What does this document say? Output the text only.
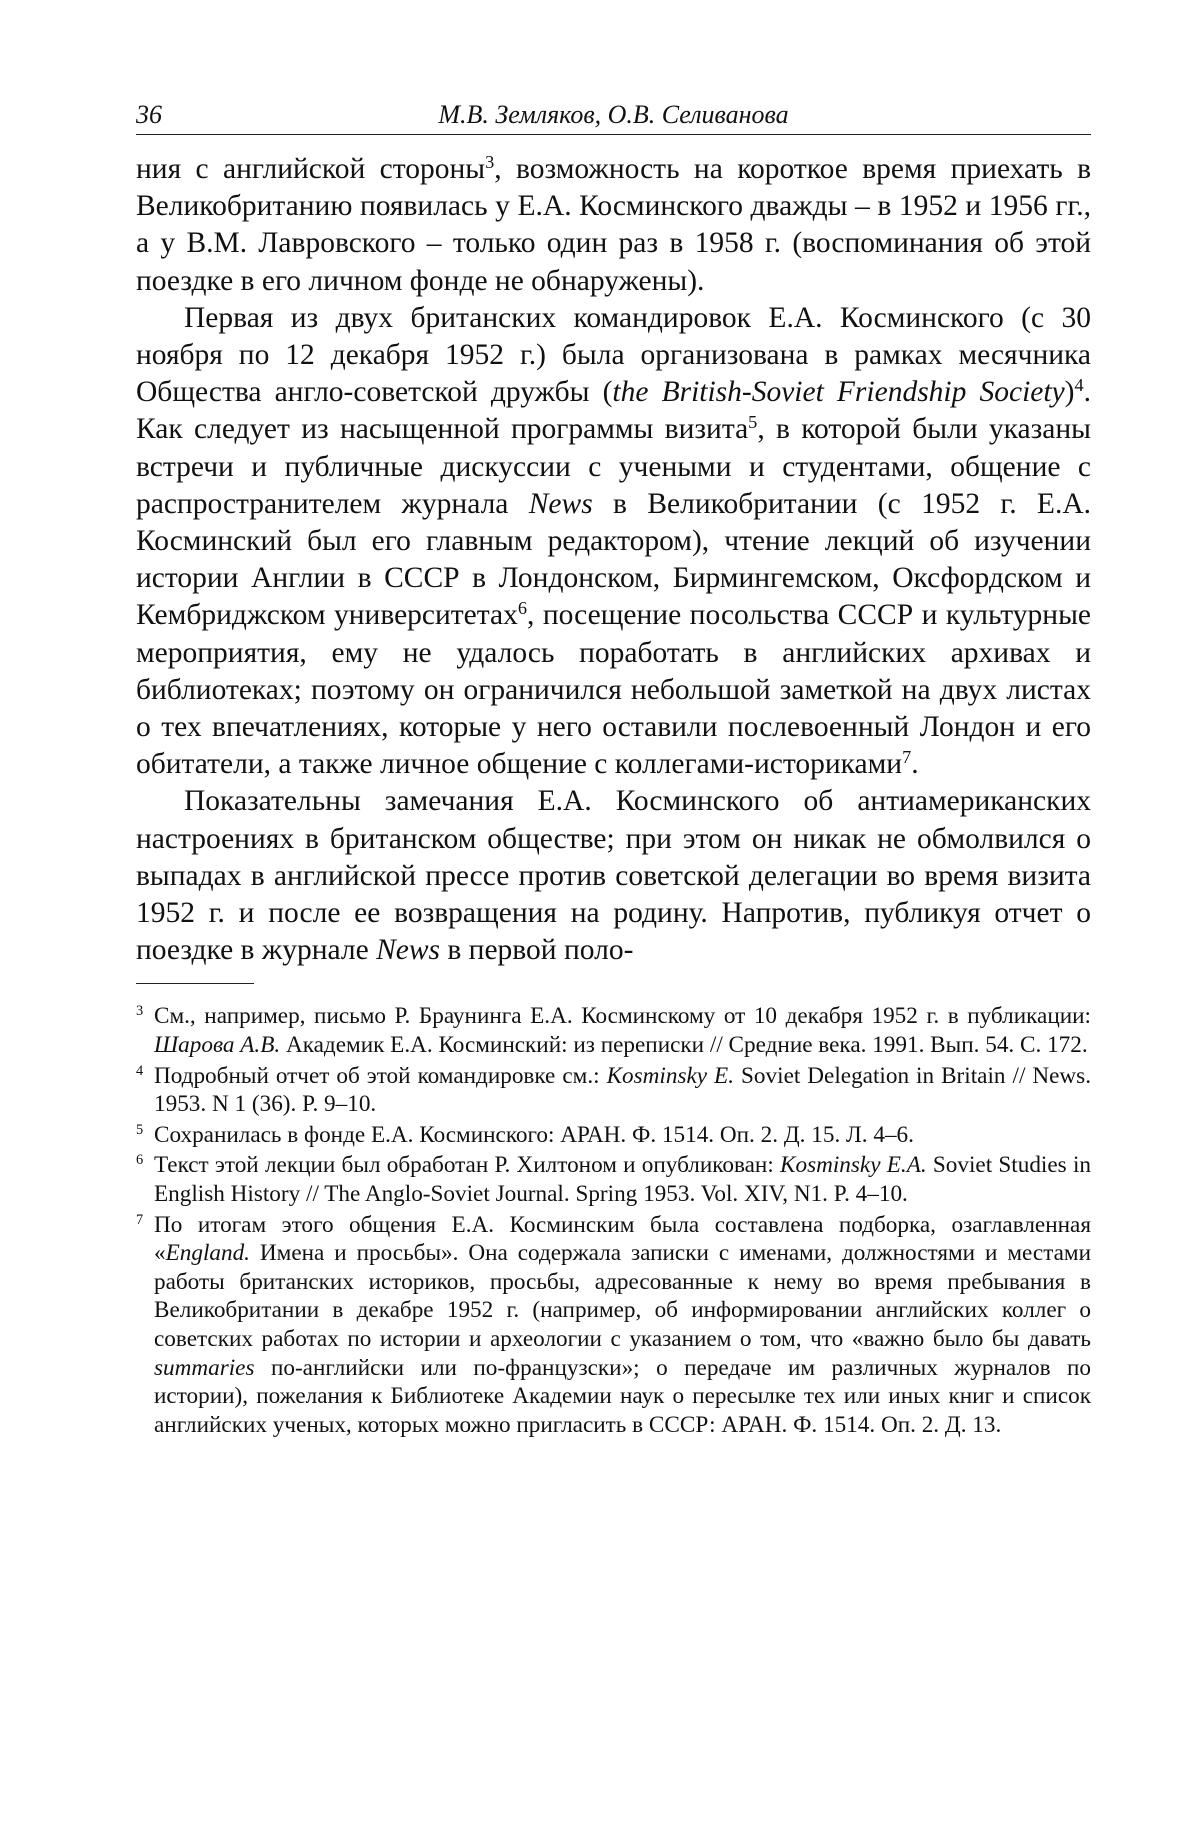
36	М.В. Земляков, О.В. Селиванова

ния с английской стороны$^3$, возможность на короткое время приехать в Великобританию появилась у Е.А. Косминского дважды – в 1952 и 1956 гг., а у В.М. Лавровского – только один раз в 1958 г. (воспоминания об этой поездке в его личном фонде не обнаружены).

Первая из двух британских командировок Е.А. Косминского (с 30 ноября по 12 декабря 1952 г.) была организована в рамках месячника Общества англо-советской дружбы (the British-Soviet Friendship Society)$^4$. Как следует из насыщенной программы визита$^5$, в которой были указаны встречи и публичные дискуссии с учеными и студентами, общение с распространителем журнала News в Великобритании (с 1952 г. Е.А. Косминский был его главным редактором), чтение лекций об изучении истории Англии в СССР в Лондонском, Бирмингемском, Оксфордском и Кембриджском университетах$^6$, посещение посольства СССР и культурные мероприятия, ему не удалось поработать в английских архивах и библиотеках; поэтому он ограничился небольшой заметкой на двух листах о тех впечатлениях, которые у него оставили послевоенный Лондон и его обитатели, а также личное общение с коллегами-историками$^7$.

Показательны замечания Е.А. Косминского об антиамериканских настроениях в британском обществе; при этом он никак не обмолвился о выпадах в английской прессе против советской делегации во время визита 1952 г. и после ее возвращения на родину. Напротив, публикуя отчет о поездке в журнале News в первой поло-

3 См., например, письмо Р. Браунинга Е.А. Косминскому от 10 декабря 1952 г. в публикации: Шарова А.В. Академик Е.А. Косминский: из переписки // Средние века. 1991. Вып. 54. С. 172.
4 Подробный отчет об этой командировке см.: Kosminsky E. Soviet Delegation in Britain // News. 1953. N 1 (36). P. 9–10.
5 Сохранилась в фонде Е.А. Косминского: АРАН. Ф. 1514. Оп. 2. Д. 15. Л. 4–6.
6 Текст этой лекции был обработан Р. Хилтоном и опубликован: Kosminsky E.A. Soviet Studies in English History // The Anglo-Soviet Journal. Spring 1953. Vol. XIV, N1. P. 4–10.
7 По итогам этого общения Е.А. Косминским была составлена подборка, озаглавленная «England. Имена и просьбы». Она содержала записки с именами, должностями и местами работы британских историков, просьбы, адресованные к нему во время пребывания в Великобритании в декабре 1952 г. (например, об информировании английских коллег о советских работах по истории и археологии с указанием о том, что «важно было бы давать summaries по-английски или по-французски»; о передаче им различных журналов по истории), пожелания к Библиотеке Академии наук о пересылке тех или иных книг и список английских ученых, которых можно пригласить в СССР: АРАН. Ф. 1514. Оп. 2. Д. 13.
